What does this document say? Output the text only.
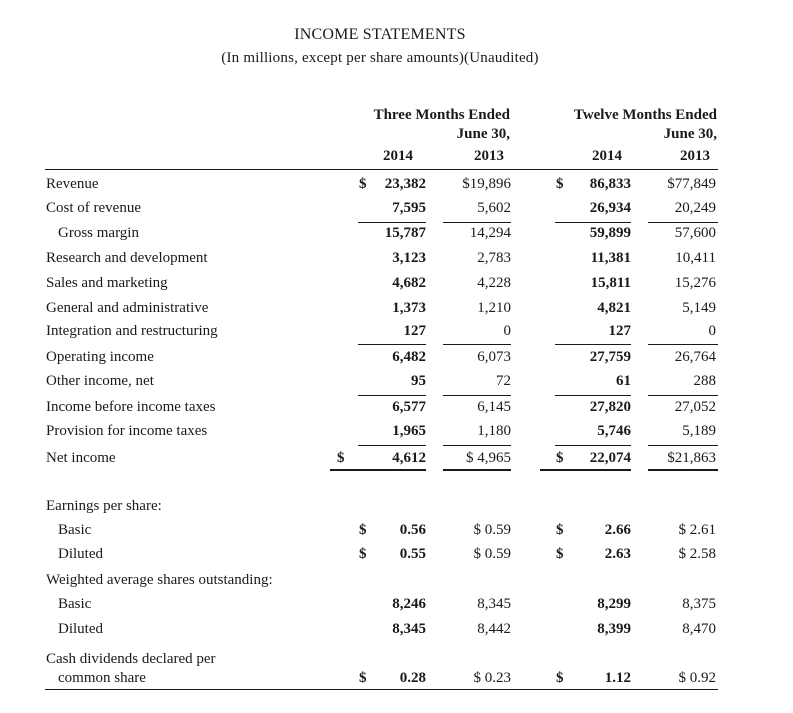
INCOME STATEMENTS
(In millions, except per share amounts)(Unaudited)
Three Months Ended
June 30,
Twelve Months Ended
June 30,
2014	2013	2014	2013
Revenue	$	23,382	$19,896	$	86,833	$77,849
Cost of revenue	7,595	5,602	26,934	20,249
Gross margin	15,787	14,294	59,899	57,600
Research and development	3,123	2,783	11,381	10,411
Sales and marketing	4,682	4,228	15,811	15,276
General and administrative	1,373	1,210	4,821	5,149
Integration and restructuring	127	0	127	0
Operating income	6,482	6,073	27,759	26,764
Other income, net	95	72	61	288
Income before income taxes	6,577	6,145	27,820	27,052
Provision for income taxes	1,965	1,180	5,746	5,189
Net income	$	4,612	$ 4,965	$	22,074	$21,863
Earnings per share:
Basic	$	0.56	$ 0.59	$	2.66	$ 2.61
Diluted	$	0.55	$ 0.59	$	2.63	$ 2.58
Weighted average shares outstanding:
Basic	8,246	8,345	8,299	8,375
Diluted	8,345	8,442	8,399	8,470
Cash dividends declared per
common share	$	0.28	$ 0.23	$	1.12	$ 0.92
